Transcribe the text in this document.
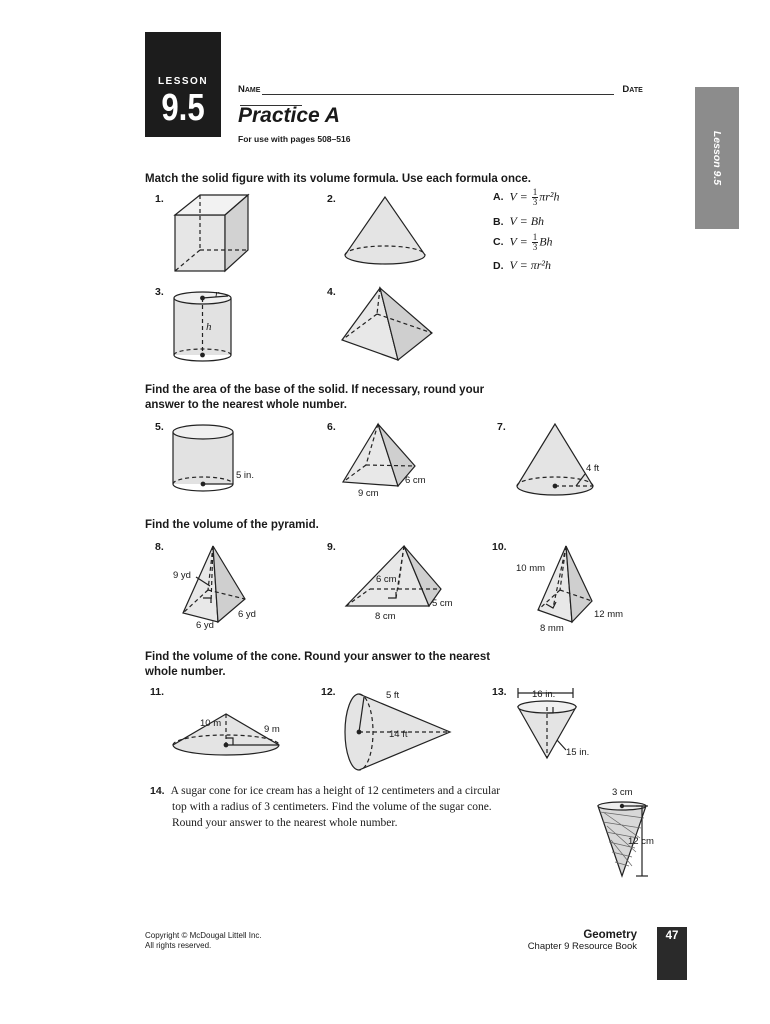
LESSON
9.5	Name	Date
Practice A
For use with pages 508–516	Lesson 9.5
Match the solid figure with its volume formula. Use each formula once.
1.	2.
3.	4.
A. $V = \frac{1}{3} \pi r^2h$
B. V = Bh
C. $V = \frac{1}{3}$ Bh
D. V = πr²h
Find the area of the base of the solid. If necessary, round your
answer to the nearest whole number.
5.	6.	7.
Find the volume of the pyramid.
8.	9.	10.
Find the volume of the cone. Round your answer to the nearest
whole number.
11.	12.	13.
14. A sugar cone for ice cream has a height of 12 centimeters and a circular
top with a radius of 3 centimeters. Find the volume of the sugar cone.
Round your answer to the nearest whole number.
r
h
5 in.	6 cm
9 cm
4 ft
9 yd
6 yd
6 yd
6 cm
5 cm
8 cm
10 mm
12 mm
8 mm
10 m
9 m
5 ft
14 ft
16 in.
15 in.
3 cm
12 cm
Copyright © McDougal Littell Inc.
All rights reserved.
Geometry
Chapter 9 Resource Book
47
